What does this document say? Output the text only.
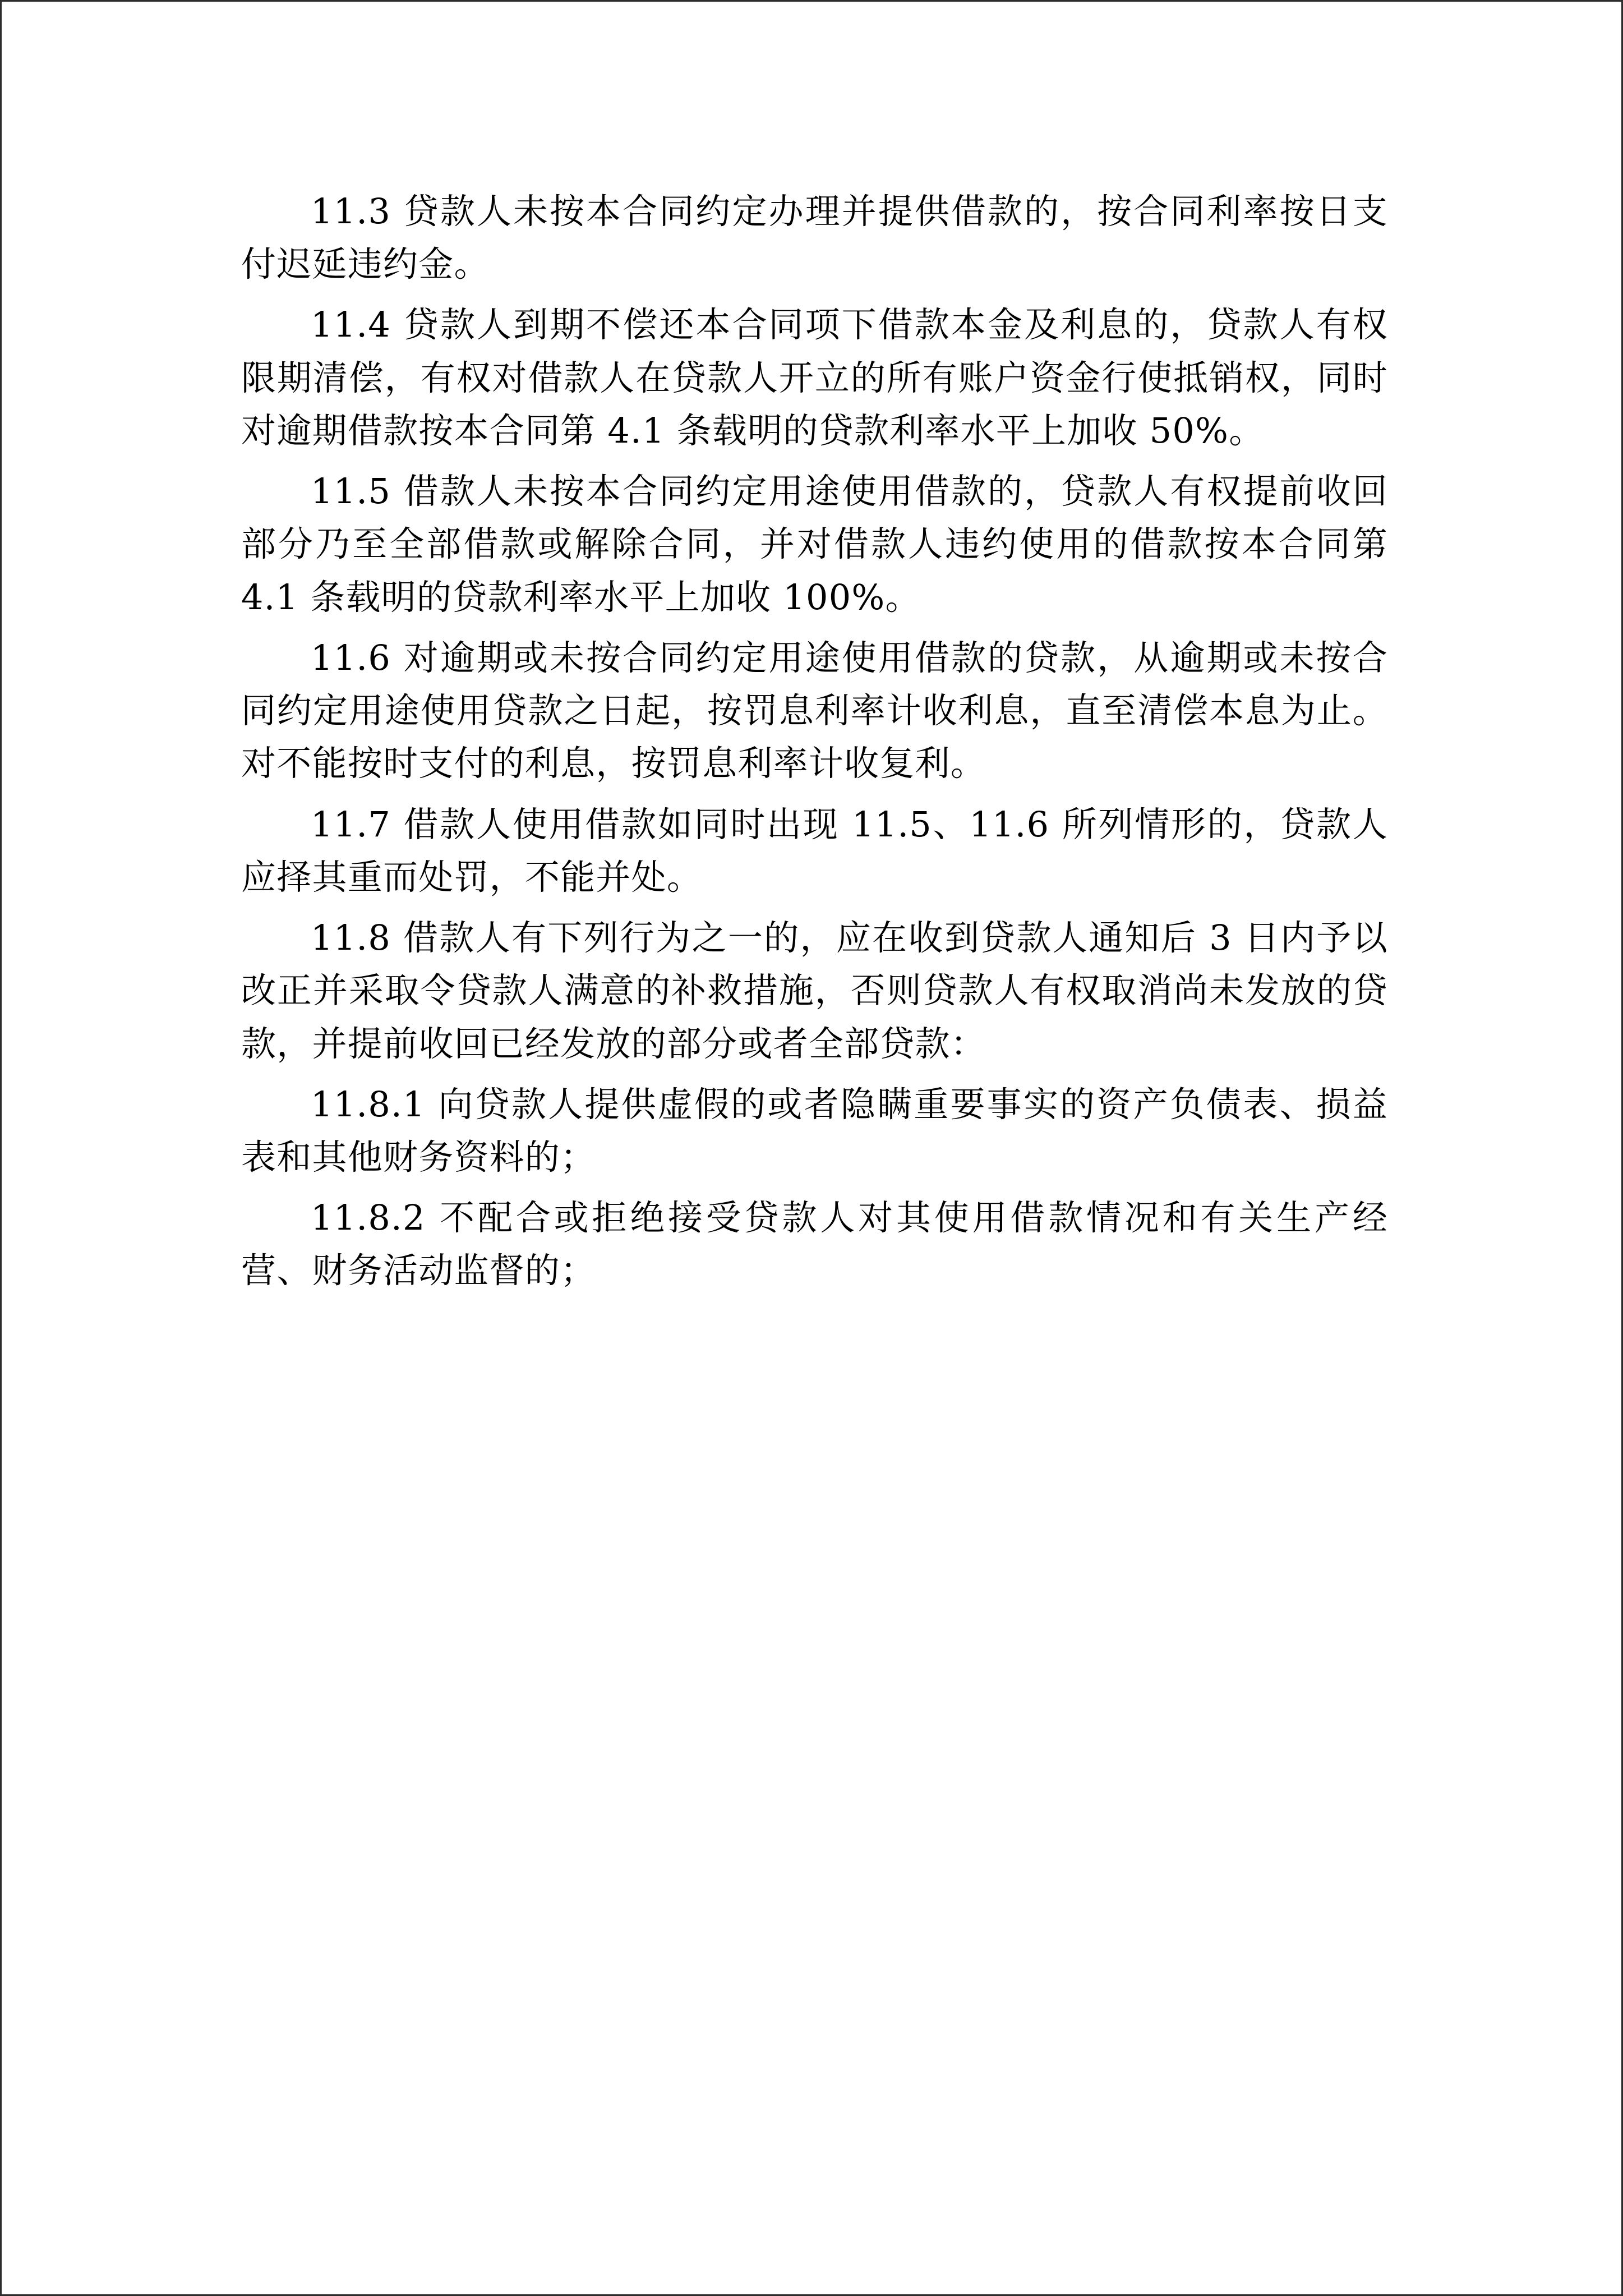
11.3 贷款人未按本合同约定办理并提供借款的，按合同利率按日支付迟延违约金。

11.4 贷款人到期不偿还本合同项下借款本金及利息的，贷款人有权限期清偿，有权对借款人在贷款人开立的所有账户资金行使抵销权，同时对逾期借款按本合同第 4.1 条载明的贷款利率水平上加收 50%。

11.5 借款人未按本合同约定用途使用借款的，贷款人有权提前收回部分乃至全部借款或解除合同，并对借款人违约使用的借款按本合同第 4.1 条载明的贷款利率水平上加收 100%。

11.6 对逾期或未按合同约定用途使用借款的贷款，从逾期或未按合同约定用途使用贷款之日起，按罚息利率计收利息，直至清偿本息为止。对不能按时支付的利息，按罚息利率计收复利。

11.7 借款人使用借款如同时出现 11.5、11.6 所列情形的，贷款人应择其重而处罚，不能并处。

11.8 借款人有下列行为之一的，应在收到贷款人通知后 3 日内予以改正并采取令贷款人满意的补救措施，否则贷款人有权取消尚未发放的贷款，并提前收回已经发放的部分或者全部贷款：

11.8.1 向贷款人提供虚假的或者隐瞒重要事实的资产负债表、损益表和其他财务资料的；

11.8.2 不配合或拒绝接受贷款人对其使用借款情况和有关生产经营、财务活动监督的；
